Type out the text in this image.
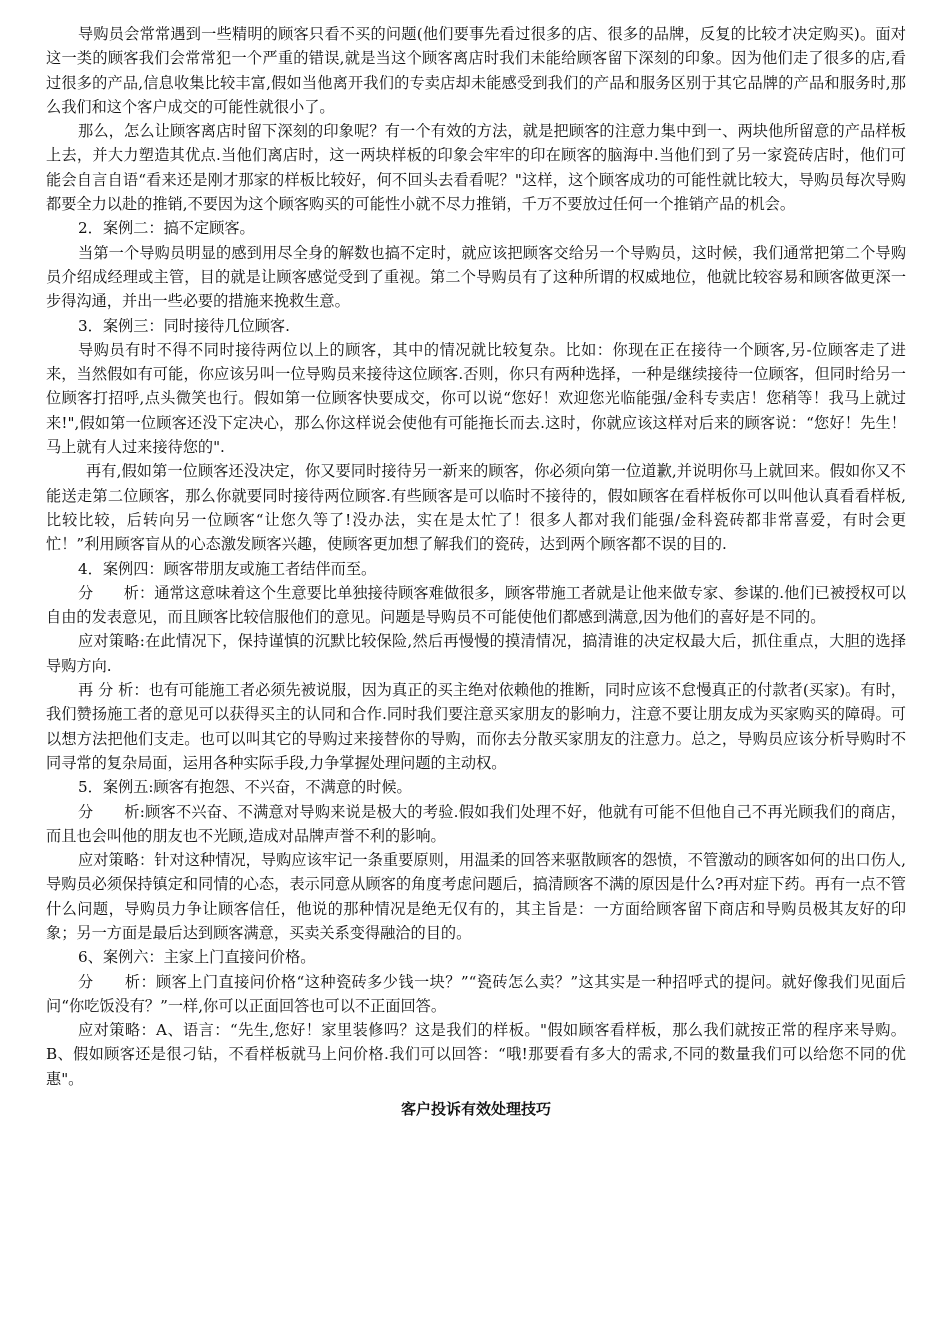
导购员会常常遇到一些精明的顾客只看不买的问题(他们要事先看过很多的店、很多的品牌，反复的比较才决定购买)。面对这一类的顾客我们会常常犯一个严重的错误,就是当这个顾客离店时我们未能给顾客留下深刻的印象。因为他们走了很多的店,看过很多的产品,信息收集比较丰富,假如当他离开我们的专卖店却未能感受到我们的产品和服务区别于其它品牌的产品和服务时,那么我们和这个客户成交的可能性就很小了。

那么，怎么让顾客离店时留下深刻的印象呢？有一个有效的方法，就是把顾客的注意力集中到一、两块他所留意的产品样板上去，并大力塑造其优点.当他们离店时，这一两块样板的印象会牢牢的印在顾客的脑海中.当他们到了另一家瓷砖店时，他们可能会自言自语“看来还是刚才那家的样板比较好，何不回头去看看呢？"这样，这个顾客成功的可能性就比较大，导购员每次导购都要全力以赴的推销,不要因为这个顾客购买的可能性小就不尽力推销，千万不要放过任何一个推销产品的机会。

2．案例二：搞不定顾客。

当第一个导购员明显的感到用尽全身的解数也搞不定时，就应该把顾客交给另一个导购员，这时候，我们通常把第二个导购员介绍成经理或主管，目的就是让顾客感觉受到了重视。第二个导购员有了这种所谓的权威地位，他就比较容易和顾客做更深一步得沟通，并出一些必要的措施来挽救生意。

3．案例三：同时接待几位顾客.

导购员有时不得不同时接待两位以上的顾客，其中的情况就比较复杂。比如：你现在正在接待一个顾客,另-位顾客走了进来，当然假如有可能，你应该另叫一位导购员来接待这位顾客.否则，你只有两种选择，一种是继续接待一位顾客，但同时给另一位顾客打招呼,点头微笑也行。假如第一位顾客快要成交，你可以说“您好！欢迎您光临能强/金科专卖店！您稍等！我马上就过来!",假如第一位顾客还没下定决心，那么你这样说会使他有可能拖长而去.这时，你就应该这样对后来的顾客说：“您好！先生！马上就有人过来接待您的".

再有,假如第一位顾客还没决定，你又要同时接待另一新来的顾客，你必须向第一位道歉,并说明你马上就回来。假如你又不能送走第二位顾客，那么你就要同时接待两位顾客.有些顾客是可以临时不接待的，假如顾客在看样板你可以叫他认真看看样板,比较比较，后转向另一位顾客“让您久等了!没办法，实在是太忙了！很多人都对我们能强/金科瓷砖都非常喜爱，有时会更忙！”利用顾客盲从的心态激发顾客兴趣，使顾客更加想了解我们的瓷砖，达到两个顾客都不误的目的.

4．案例四：顾客带朋友或施工者结伴而至。

分　　析：通常这意味着这个生意要比单独接待顾客难做很多，顾客带施工者就是让他来做专家、参谋的.他们已被授权可以自由的发表意见，而且顾客比较信服他们的意见。问题是导购员不可能使他们都感到满意,因为他们的喜好是不同的。

应对策略:在此情况下，保持谨慎的沉默比较保险,然后再慢慢的摸清情况，搞清谁的决定权最大后，抓住重点，大胆的选择导购方向.

再 分 析：也有可能施工者必须先被说服，因为真正的买主绝对依赖他的推断，同时应该不怠慢真正的付款者(买家)。有时，我们赞扬施工者的意见可以获得买主的认同和合作.同时我们要注意买家朋友的影响力，注意不要让朋友成为买家购买的障碍。可以想方法把他们支走。也可以叫其它的导购过来接替你的导购，而你去分散买家朋友的注意力。总之，导购员应该分析导购时不同寻常的复杂局面，运用各种实际手段,力争掌握处理问题的主动权。

5．案例五:顾客有抱怨、不兴奋，不满意的时候。

分　　析:顾客不兴奋、不满意对导购来说是极大的考验.假如我们处理不好，他就有可能不但他自己不再光顾我们的商店，而且也会叫他的朋友也不光顾,造成对品牌声誉不利的影响。

应对策略：针对这种情况，导购应该牢记一条重要原则，用温柔的回答来驱散顾客的怨愤，不管激动的顾客如何的出口伤人,导购员必须保持镇定和同情的心态，表示同意从顾客的角度考虑问题后，搞清顾客不满的原因是什么?再对症下药。再有一点不管什么问题，导购员力争让顾客信任，他说的那种情况是绝无仅有的，其主旨是：一方面给顾客留下商店和导购员极其友好的印象；另一方面是最后达到顾客满意，买卖关系变得融洽的目的。

6、案例六：主家上门直接问价格。

分　　析：顾客上门直接问价格“这种瓷砖多少钱一块？”“瓷砖怎么卖？”这其实是一种招呼式的提问。就好像我们见面后问“你吃饭没有？”一样,你可以正面回答也可以不正面回答。

应对策略：A、语言：“先生,您好！家里装修吗？这是我们的样板。"假如顾客看样板，那么我们就按正常的程序来导购。B、假如顾客还是很刁钻，不看样板就马上问价格.我们可以回答：“哦!那要看有多大的需求,不同的数量我们可以给您不同的优惠"。

客户投诉有效处理技巧
